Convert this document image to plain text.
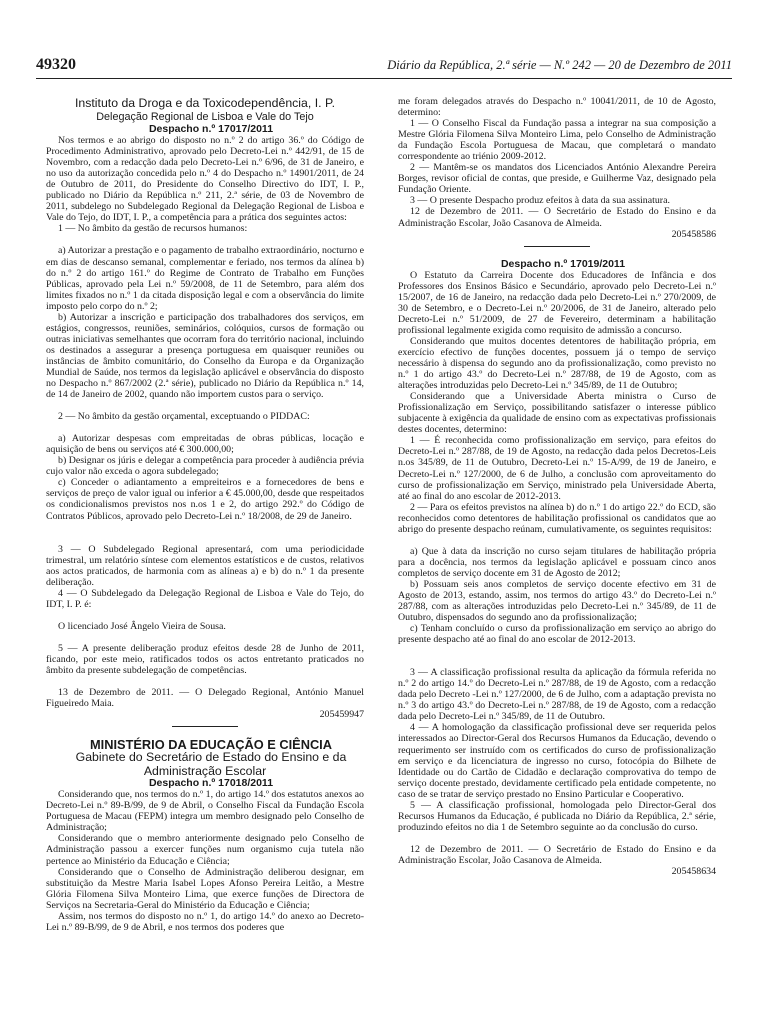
49320	Diário da República, 2.ª série — N.º 242 — 20 de Dezembro de 2011

Instituto da Droga e da Toxicodependência, I. P.

Delegação Regional de Lisboa e Vale do Tejo

Despacho n.º 17017/2011

Nos termos e ao abrigo do disposto no n.º 2 do artigo 36.º do Código de Procedimento Administrativo, aprovado pelo Decreto-Lei n.º 442/91, de 15 de Novembro, com a redacção dada pelo Decreto-Lei n.º 6/96, de 31 de Janeiro, e no uso da autorização concedida pelo n.º 4 do Despacho n.º 14901/2011, de 24 de Outubro de 2011, do Presidente do Conselho Directivo do IDT, I. P., publicado no Diário da República n.º 211, 2.ª série, de 03 de Novembro de 2011, subdelego no Subdelegado Regional da Delegação Regional de Lisboa e Vale do Tejo, do IDT, I. P., a competência para a prática dos seguintes actos:

1 — No âmbito da gestão de recursos humanos:

a) Autorizar a prestação e o pagamento de trabalho extraordinário, nocturno e em dias de descanso semanal, complementar e feriado, nos termos da alínea b) do n.º 2 do artigo 161.º do Regime de Contrato de Trabalho em Funções Públicas, aprovado pela Lei n.º 59/2008, de 11 de Setembro, para além dos limites fixados no n.º 1 da citada disposição legal e com a observância do limite imposto pelo corpo do n.º 2;

b) Autorizar a inscrição e participação dos trabalhadores dos serviços, em estágios, congressos, reuniões, seminários, colóquios, cursos de formação ou outras iniciativas semelhantes que ocorram fora do território nacional, incluindo os destinados a assegurar a presença portuguesa em quaisquer reuniões ou instâncias de âmbito comunitário, do Conselho da Europa e da Organização Mundial de Saúde, nos termos da legislação aplicável e observância do disposto no Despacho n.º 867/2002 (2.ª série), publicado no Diário da República n.º 14, de 14 de Janeiro de 2002, quando não importem custos para o serviço.

2 — No âmbito da gestão orçamental, exceptuando o PIDDAC:

a) Autorizar despesas com empreitadas de obras públicas, locação e aquisição de bens ou serviços até € 300.000,00;

b) Designar os júris e delegar a competência para proceder à audiência prévia cujo valor não exceda o agora subdelegado;

c) Conceder o adiantamento a empreiteiros e a fornecedores de bens e serviços de preço de valor igual ou inferior a € 45.000,00, desde que respeitados os condicionalismos previstos nos n.os 1 e 2, do artigo 292.º do Código de Contratos Públicos, aprovado pelo Decreto-Lei n.º 18/2008, de 29 de Janeiro.

3 — O Subdelegado Regional apresentará, com uma periodicidade trimestral, um relatório síntese com elementos estatísticos e de custos, relativos aos actos praticados, de harmonia com as alíneas a) e b) do n.º 1 da presente deliberação.

4 — O Subdelegado da Delegação Regional de Lisboa e Vale do Tejo, do IDT, I. P. é:

O licenciado José Ângelo Vieira de Sousa.

5 — A presente deliberação produz efeitos desde 28 de Junho de 2011, ficando, por este meio, ratificados todos os actos entretanto praticados no âmbito da presente subdelegação de competências.

13 de Dezembro de 2011. — O Delegado Regional, António Manuel Figueiredo Maia.

205459947

MINISTÉRIO DA EDUCAÇÃO E CIÊNCIA

Gabinete do Secretário de Estado do Ensino e da Administração Escolar

Despacho n.º 17018/2011

Considerando que, nos termos do n.º 1, do artigo 14.º dos estatutos anexos ao Decreto-Lei n.º 89-B/99, de 9 de Abril, o Conselho Fiscal da Fundação Escola Portuguesa de Macau (FEPM) integra um membro designado pelo Conselho de Administração;

Considerando que o membro anteriormente designado pelo Conselho de Administração passou a exercer funções num organismo cuja tutela não pertence ao Ministério da Educação e Ciência;

Considerando que o Conselho de Administração deliberou designar, em substituição da Mestre Maria Isabel Lopes Afonso Pereira Leitão, a Mestre Glória Filomena Silva Monteiro Lima, que exerce funções de Directora de Serviços na Secretaria-Geral do Ministério da Educação e Ciência;

Assim, nos termos do disposto no n.º 1, do artigo 14.º do anexo ao Decreto-Lei n.º 89-B/99, de 9 de Abril, e nos termos dos poderes que

me foram delegados através do Despacho n.º 10041/2011, de 10 de Agosto, determino:

1 — O Conselho Fiscal da Fundação passa a integrar na sua composição a Mestre Glória Filomena Silva Monteiro Lima, pelo Conselho de Administração da Fundação Escola Portuguesa de Macau, que completará o mandato correspondente ao triénio 2009-2012.

2 — Mantêm-se os mandatos dos Licenciados António Alexandre Pereira Borges, revisor oficial de contas, que preside, e Guilherme Vaz, designado pela Fundação Oriente.

3 — O presente Despacho produz efeitos à data da sua assinatura.

12 de Dezembro de 2011. — O Secretário de Estado do Ensino e da Administração Escolar, João Casanova de Almeida.

205458586

Despacho n.º 17019/2011

O Estatuto da Carreira Docente dos Educadores de Infância e dos Professores dos Ensinos Básico e Secundário, aprovado pelo Decreto-Lei n.º 15/2007, de 16 de Janeiro, na redacção dada pelo Decreto-Lei n.º 270/2009, de 30 de Setembro, e o Decreto-Lei n.º 20/2006, de 31 de Janeiro, alterado pelo Decreto-Lei n.º 51/2009, de 27 de Fevereiro, determinam a habilitação profissional legalmente exigida como requisito de admissão a concurso.

Considerando que muitos docentes detentores de habilitação própria, em exercício efectivo de funções docentes, possuem já o tempo de serviço necessário à dispensa do segundo ano da profissionalização, como previsto no n.º 1 do artigo 43.º do Decreto-Lei n.º 287/88, de 19 de Agosto, com as alterações introduzidas pelo Decreto-Lei n.º 345/89, de 11 de Outubro;

Considerando que a Universidade Aberta ministra o Curso de Profissionalização em Serviço, possibilitando satisfazer o interesse público subjacente à exigência da qualidade de ensino com as expectativas profissionais destes docentes, determino:

1 — É reconhecida como profissionalização em serviço, para efeitos do Decreto-Lei n.º 287/88, de 19 de Agosto, na redacção dada pelos Decretos-Leis n.os 345/89, de 11 de Outubro, Decreto-Lei n.º 15-A/99, de 19 de Janeiro, e Decreto-Lei n.º 127/2000, de 6 de Julho, a conclusão com aproveitamento do curso de profissionalização em Serviço, ministrado pela Universidade Aberta, até ao final do ano escolar de 2012-2013.

2 — Para os efeitos previstos na alínea b) do n.º 1 do artigo 22.º do ECD, são reconhecidos como detentores de habilitação profissional os candidatos que ao abrigo do presente despacho reúnam, cumulativamente, os seguintes requisitos:

a) Que à data da inscrição no curso sejam titulares de habilitação própria para a docência, nos termos da legislação aplicável e possuam cinco anos completos de serviço docente em 31 de Agosto de 2012;

b) Possuam seis anos completos de serviço docente efectivo em 31 de Agosto de 2013, estando, assim, nos termos do artigo 43.º do Decreto-Lei n.º 287/88, com as alterações introduzidas pelo Decreto-Lei n.º 345/89, de 11 de Outubro, dispensados do segundo ano da profissionalização;

c) Tenham concluído o curso da profissionalização em serviço ao abrigo do presente despacho até ao final do ano escolar de 2012-2013.

3 — A classificação profissional resulta da aplicação da fórmula referida no n.º 2 do artigo 14.º do Decreto-Lei n.º 287/88, de 19 de Agosto, com a redacção dada pelo Decreto -Lei n.º 127/2000, de 6 de Julho, com a adaptação prevista no n.º 3 do artigo 43.º do Decreto-Lei n.º 287/88, de 19 de Agosto, com a redacção dada pelo Decreto-Lei n.º 345/89, de 11 de Outubro.

4 — A homologação da classificação profissional deve ser requerida pelos interessados ao Director-Geral dos Recursos Humanos da Educação, devendo o requerimento ser instruído com os certificados do curso de profissionalização em serviço e da licenciatura de ingresso no curso, fotocópia do Bilhete de Identidade ou do Cartão de Cidadão e declaração comprovativa do tempo de serviço docente prestado, devidamente certificado pela entidade competente, no caso de se tratar de serviço prestado no Ensino Particular e Cooperativo.

5 — A classificação profissional, homologada pelo Director-Geral dos Recursos Humanos da Educação, é publicada no Diário da República, 2.ª série, produzindo efeitos no dia 1 de Setembro seguinte ao da conclusão do curso.

12 de Dezembro de 2011. — O Secretário de Estado do Ensino e da Administração Escolar, João Casanova de Almeida.

205458634
